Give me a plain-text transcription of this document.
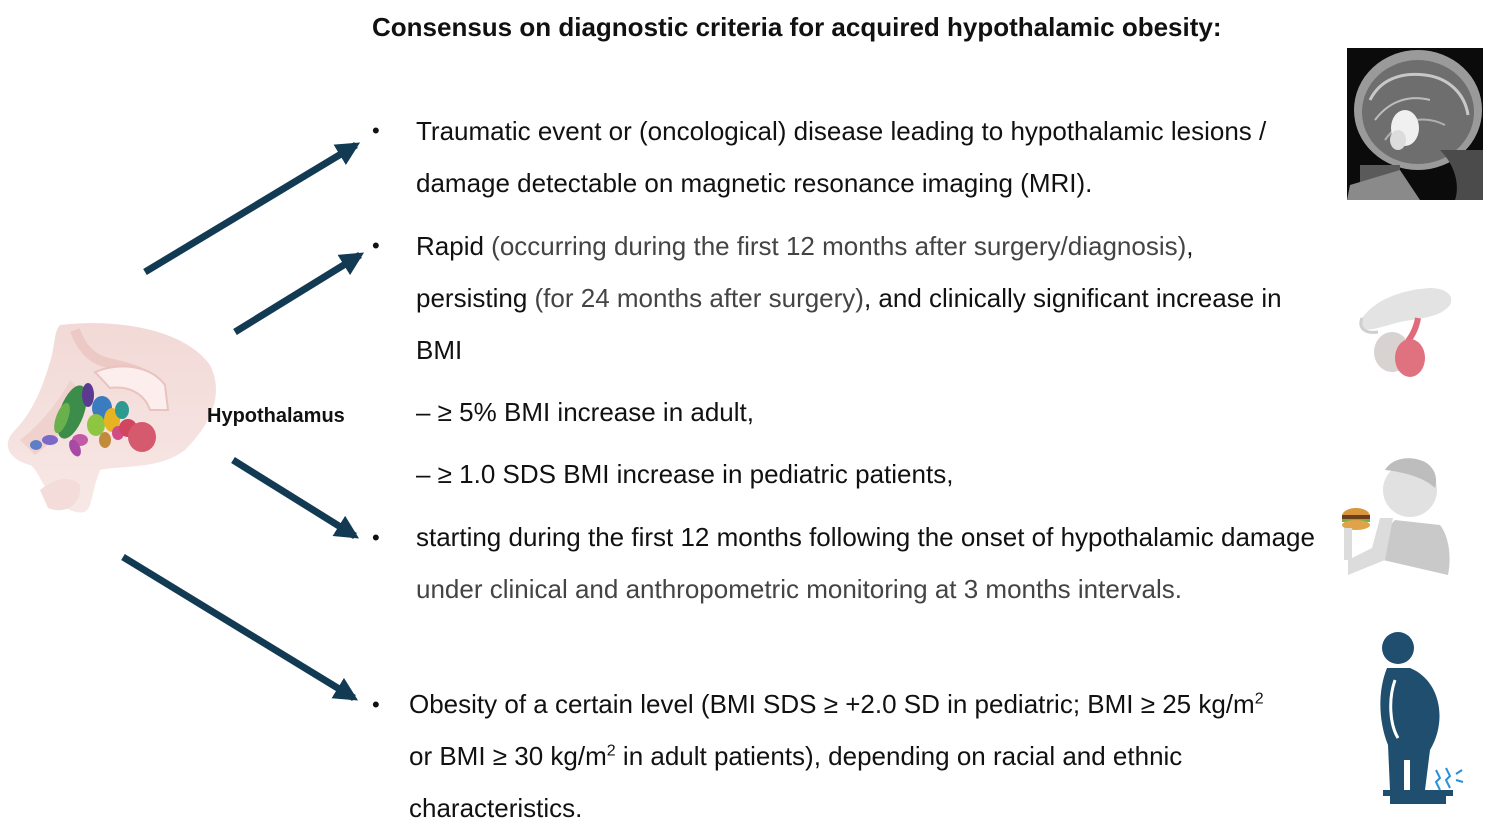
Hypothalamus
Consensus on diagnostic criteria for acquired hypothalamic obesity:
• Traumatic event or (oncological) disease leading to hypothalamic lesions / damage detectable on magnetic resonance imaging (MRI).
• Rapid (occurring during the first 12 months after surgery/diagnosis), persisting (for 24 months after surgery), and clinically significant increase in BMI
– ≥ 5% BMI increase in adult,
– ≥ 1.0 SDS BMI increase in pediatric patients,
• starting during the first 12 months following the onset of hypothalamic damage under clinical and anthropometric monitoring at 3 months intervals.
• Obesity of a certain level (BMI SDS ≥ +2.0 SD in pediatric; BMI ≥ 25 $kg/m^2$ or BMI ≥ 30 $kg/m^2$ in adult patients), depending on racial and ethnic characteristics.
